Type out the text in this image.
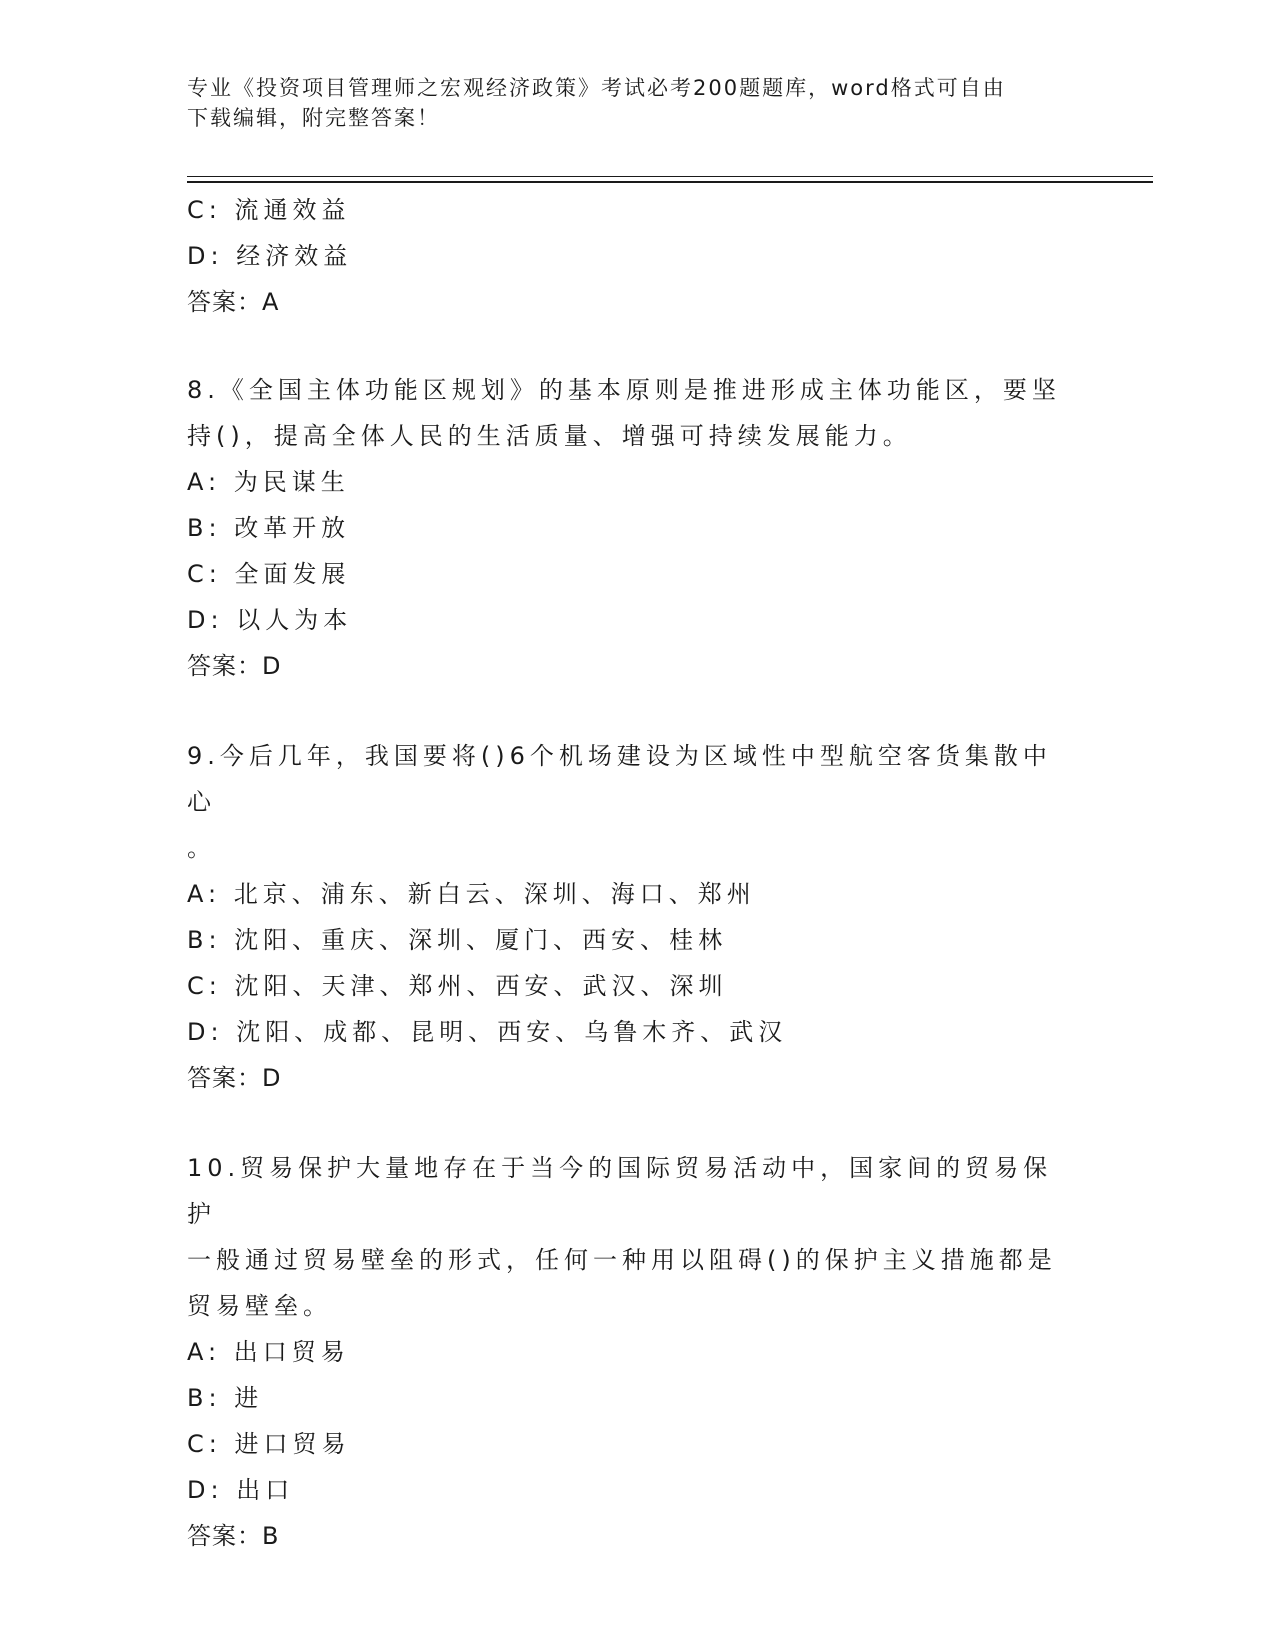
专业《投资项目管理师之宏观经济政策》考试必考200题题库，word格式可自由
下载编辑，附完整答案！
C: 流通效益
D: 经济效益
答案：A
8.《全国主体功能区规划》的基本原则是推进形成主体功能区，要坚
持()，提高全体人民的生活质量、增强可持续发展能力。
A: 为民谋生
B: 改革开放
C: 全面发展
D: 以人为本
答案：D
9.今后几年，我国要将()6个机场建设为区域性中型航空客货集散中心
。
A: 北京、浦东、新白云、深圳、海口、郑州
B: 沈阳、重庆、深圳、厦门、西安、桂林
C: 沈阳、天津、郑州、西安、武汉、深圳
D: 沈阳、成都、昆明、西安、乌鲁木齐、武汉
答案：D
10.贸易保护大量地存在于当今的国际贸易活动中，国家间的贸易保护
一般通过贸易壁垒的形式，任何一种用以阻碍()的保护主义措施都是
贸易壁垒。
A: 出口贸易
B: 进
C: 进口贸易
D: 出口
答案：B
